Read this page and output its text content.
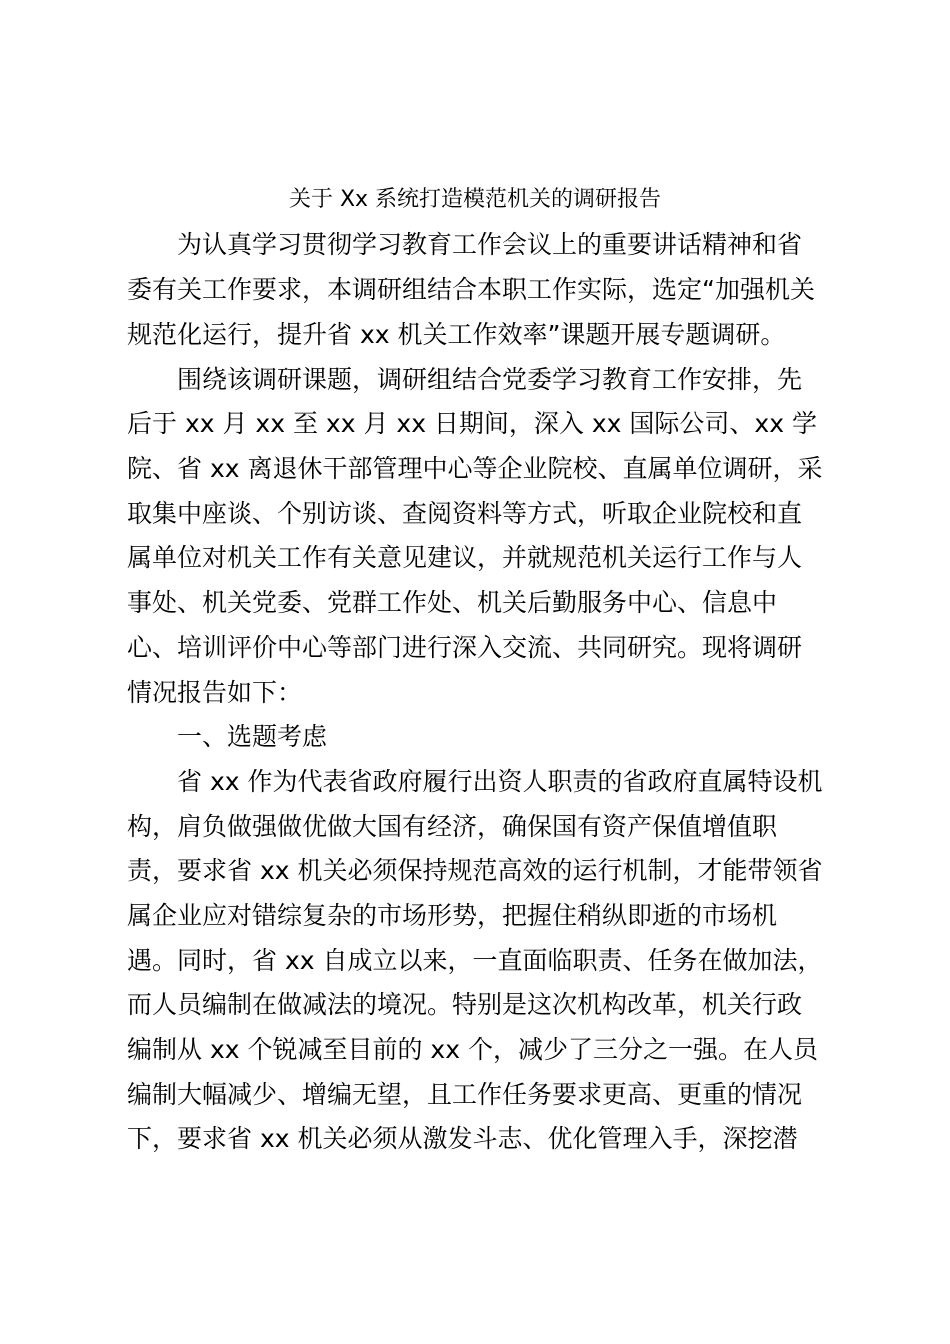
关于 Xx 系统打造模范机关的调研报告
为认真学习贯彻学习教育工作会议上的重要讲话精神和省
委有关工作要求，本调研组结合本职工作实际，选定“加强机关
规范化运行，提升省 xx 机关工作效率”课题开展专题调研。
围绕该调研课题，调研组结合党委学习教育工作安排，先
后于 xx 月 xx 至 xx 月 xx 日期间，深入 xx 国际公司、xx 学
院、省 xx 离退休干部管理中心等企业院校、直属单位调研，采
取集中座谈、个别访谈、查阅资料等方式，听取企业院校和直
属单位对机关工作有关意见建议，并就规范机关运行工作与人
事处、机关党委、党群工作处、机关后勤服务中心、信息中
心、培训评价中心等部门进行深入交流、共同研究。现将调研
情况报告如下：
一、选题考虑
省 xx 作为代表省政府履行出资人职责的省政府直属特设机
构，肩负做强做优做大国有经济，确保国有资产保值增值职
责，要求省 xx 机关必须保持规范高效的运行机制，才能带领省
属企业应对错综复杂的市场形势，把握住稍纵即逝的市场机
遇。同时，省 xx 自成立以来，一直面临职责、任务在做加法，
而人员编制在做减法的境况。特别是这次机构改革，机关行政
编制从 xx 个锐减至目前的 xx 个，减少了三分之一强。在人员
编制大幅减少、增编无望，且工作任务要求更高、更重的情况
下，要求省 xx 机关必须从激发斗志、优化管理入手，深挖潜
